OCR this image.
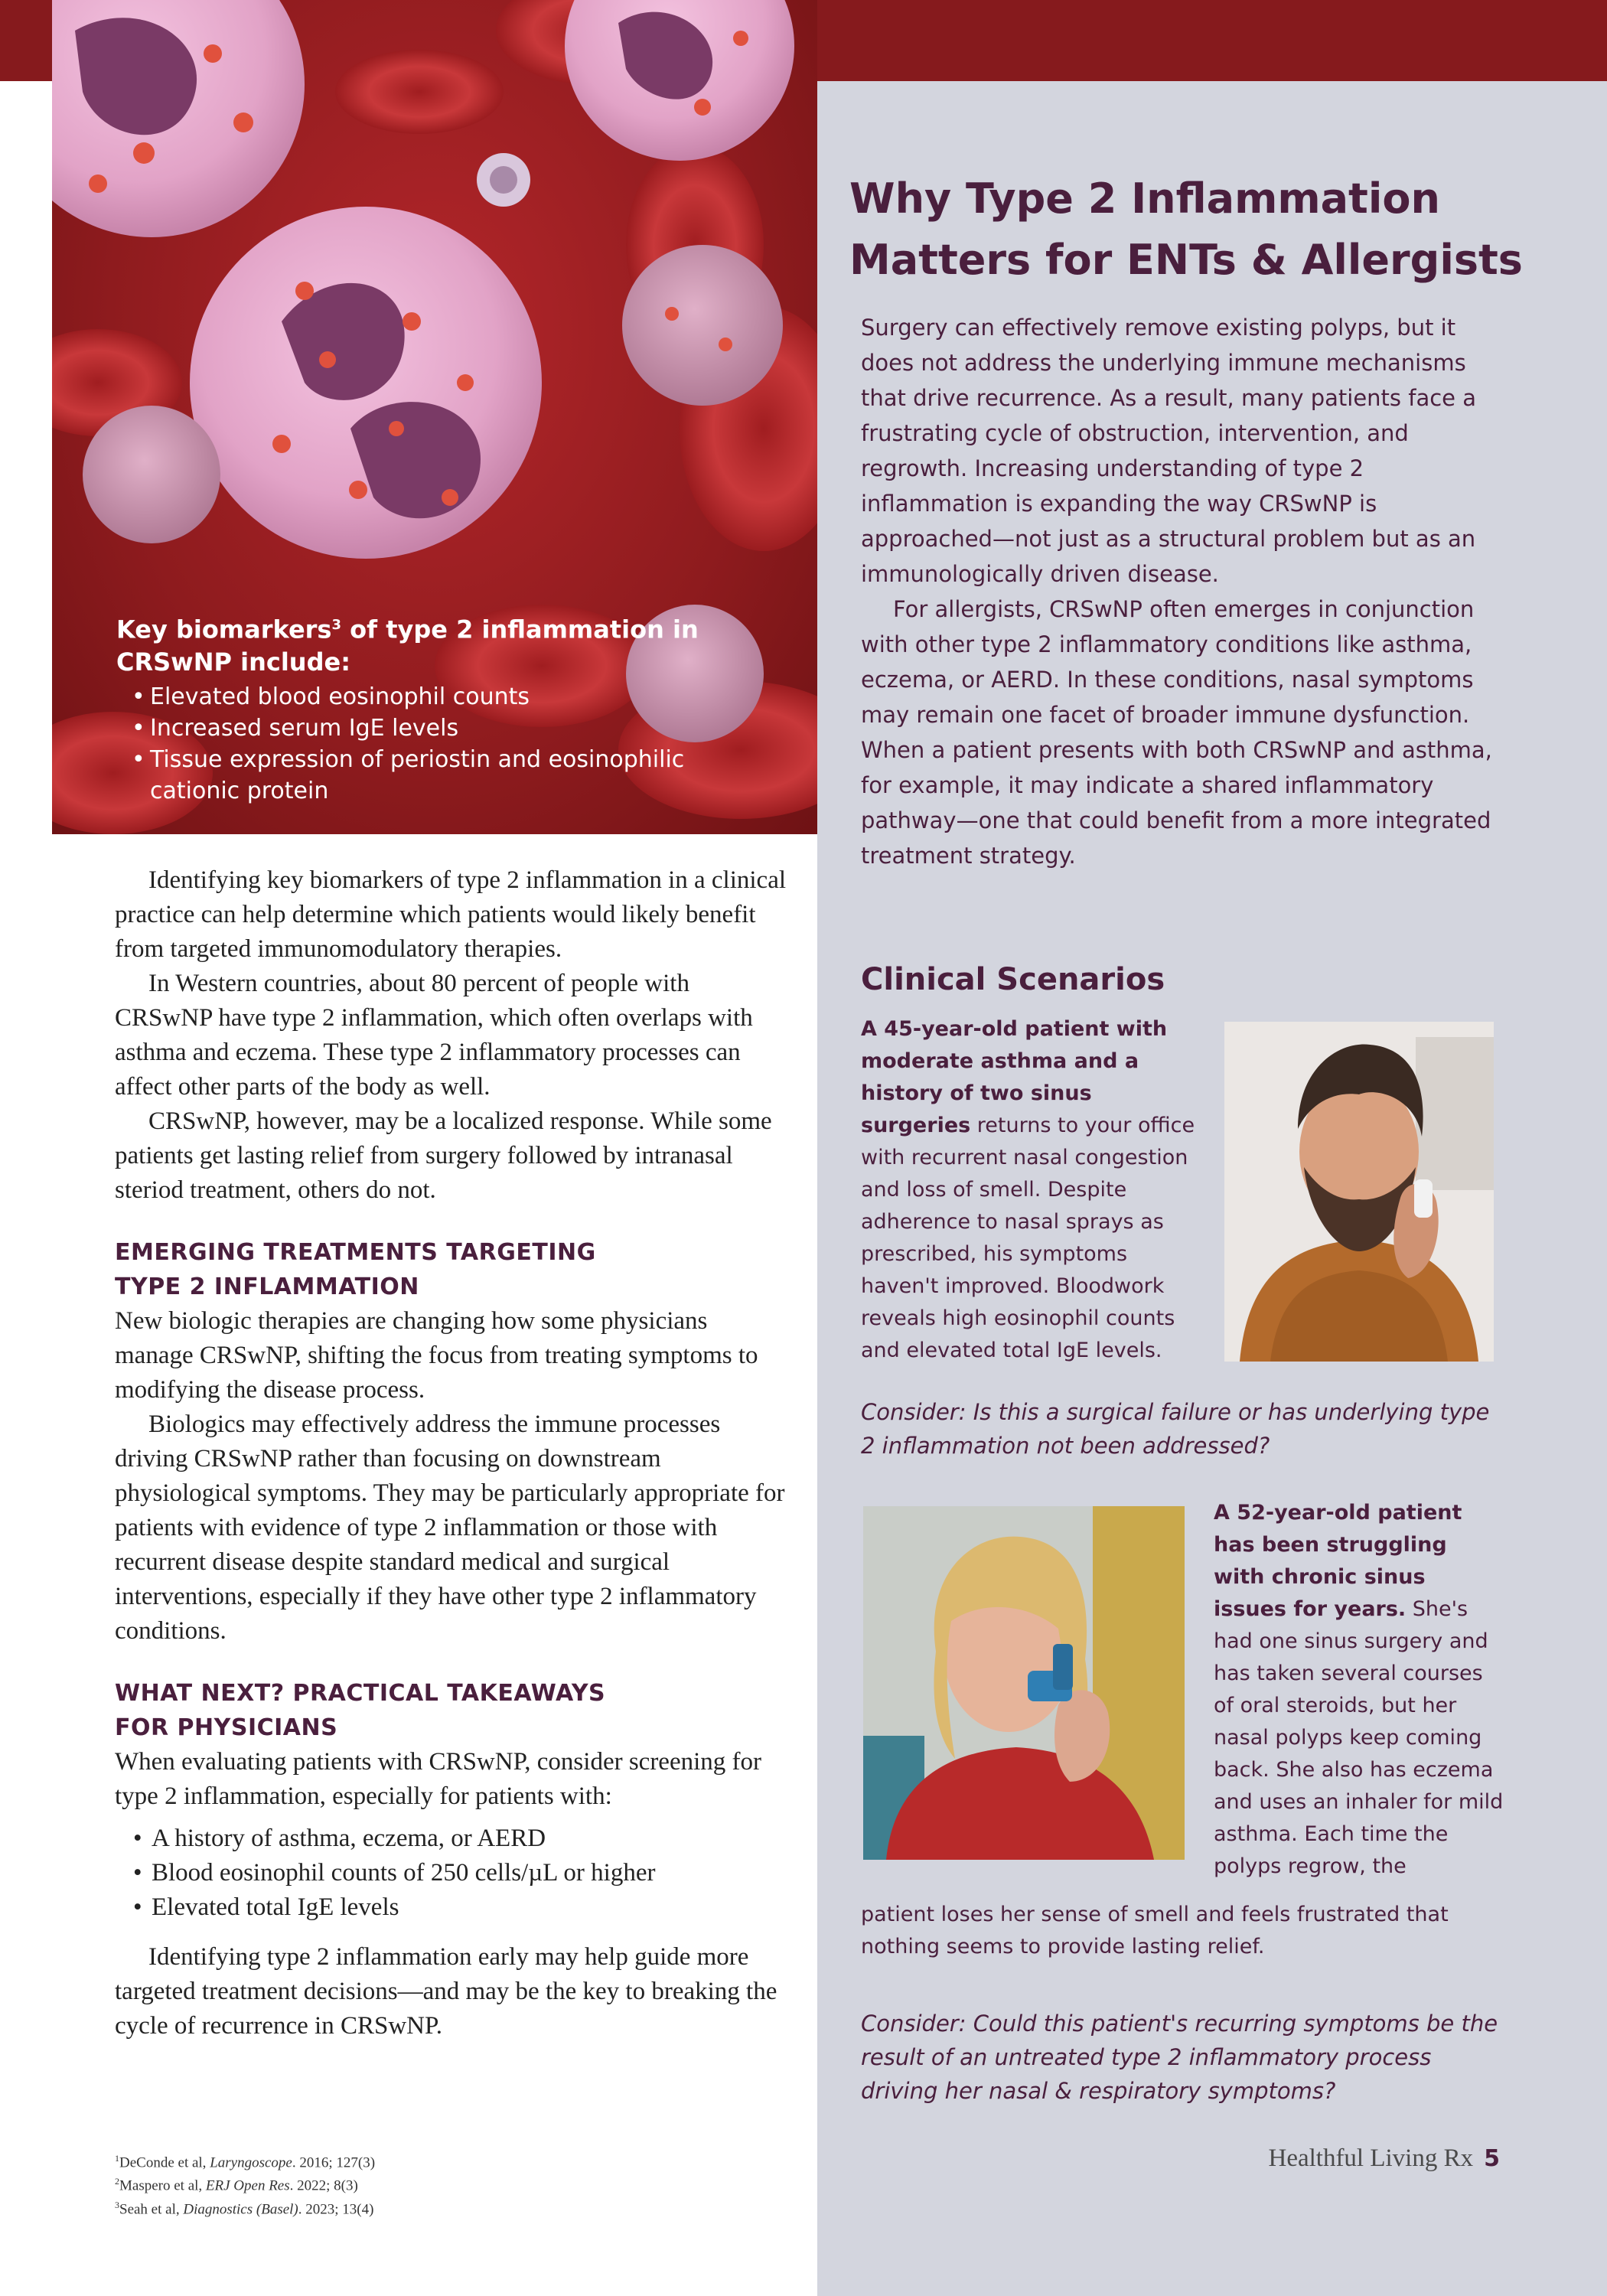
Key biomarkers$^3$ of type 2 inflammation in CRSwNP include:
• Elevated blood eosinophil counts
• Increased serum IgE levels
• Tissue expression of periostin and eosinophilic cationic protein

Identifying key biomarkers of type 2 inflammation in a clinical practice can help determine which patients would likely benefit from targeted immunomodulatory therapies.

In Western countries, about 80 percent of people with CRSwNP have type 2 inflammation, which often overlaps with asthma and eczema. These type 2 inflammatory processes can affect other parts of the body as well.

CRSwNP, however, may be a localized response. While some patients get lasting relief from surgery followed by intranasal steriod treatment, others do not.

EMERGING TREATMENTS TARGETING
TYPE 2 INFLAMMATION

New biologic therapies are changing how some physicians manage CRSwNP, shifting the focus from treating symptoms to modifying the disease process.

Biologics may effectively address the immune processes driving CRSwNP rather than focusing on downstream physiological symptoms. They may be particularly appropriate for patients with evidence of type 2 inflammation or those with recurrent disease despite standard medical and surgical interventions, especially if they have other type 2 inflammatory conditions.

WHAT NEXT? PRACTICAL TAKEAWAYS
FOR PHYSICIANS

When evaluating patients with CRSwNP, consider screening for type 2 inflammation, especially for patients with:

• A history of asthma, eczema, or AERD
• Blood eosinophil counts of 250 cells/µL or higher
• Elevated total IgE levels

Identifying type 2 inflammation early may help guide more targeted treatment decisions—and may be the key to breaking the cycle of recurrence in CRSwNP.

$^1$DeConde et al, Laryngoscope. 2016; 127(3)
$^2$Maspero et al, ERJ Open Res. 2022; 8(3)
$^3$Seah et al, Diagnostics (Basel). 2023; 13(4)
Why Type 2 Inflammation Matters for ENTs & Allergists

Surgery can effectively remove existing polyps, but it does not address the underlying immune mechanisms that drive recurrence. As a result, many patients face a frustrating cycle of obstruction, intervention, and regrowth. Increasing understanding of type 2 inflammation is expanding the way CRSwNP is approached—not just as a structural problem but as an immunologically driven disease.

For allergists, CRSwNP often emerges in conjunction with other type 2 inflammatory conditions like asthma, eczema, or AERD. In these conditions, nasal symptoms may remain one facet of broader immune dysfunction. When a patient presents with both CRSwNP and asthma, for example, it may indicate a shared inflammatory pathway—one that could benefit from a more integrated treatment strategy.

Clinical Scenarios

A 45-year-old patient with moderate asthma and a history of two sinus surgeries returns to your office with recurrent nasal congestion and loss of smell. Despite adherence to nasal sprays as prescribed, his symptoms haven't improved. Bloodwork reveals high eosinophil counts and elevated total IgE levels.

Consider: Is this a surgical failure or has underlying type 2 inflammation not been addressed?

A 52-year-old patient has been struggling with chronic sinus issues for years. She's had one sinus surgery and has taken several courses of oral steroids, but her nasal polyps keep coming back. She also has eczema and uses an inhaler for mild asthma. Each time the polyps regrow, the

patient loses her sense of smell and feels frustrated that nothing seems to provide lasting relief.

Consider: Could this patient's recurring symptoms be the result of an untreated type 2 inflammatory process driving her nasal & respiratory symptoms?

Healthful Living Rx 5
